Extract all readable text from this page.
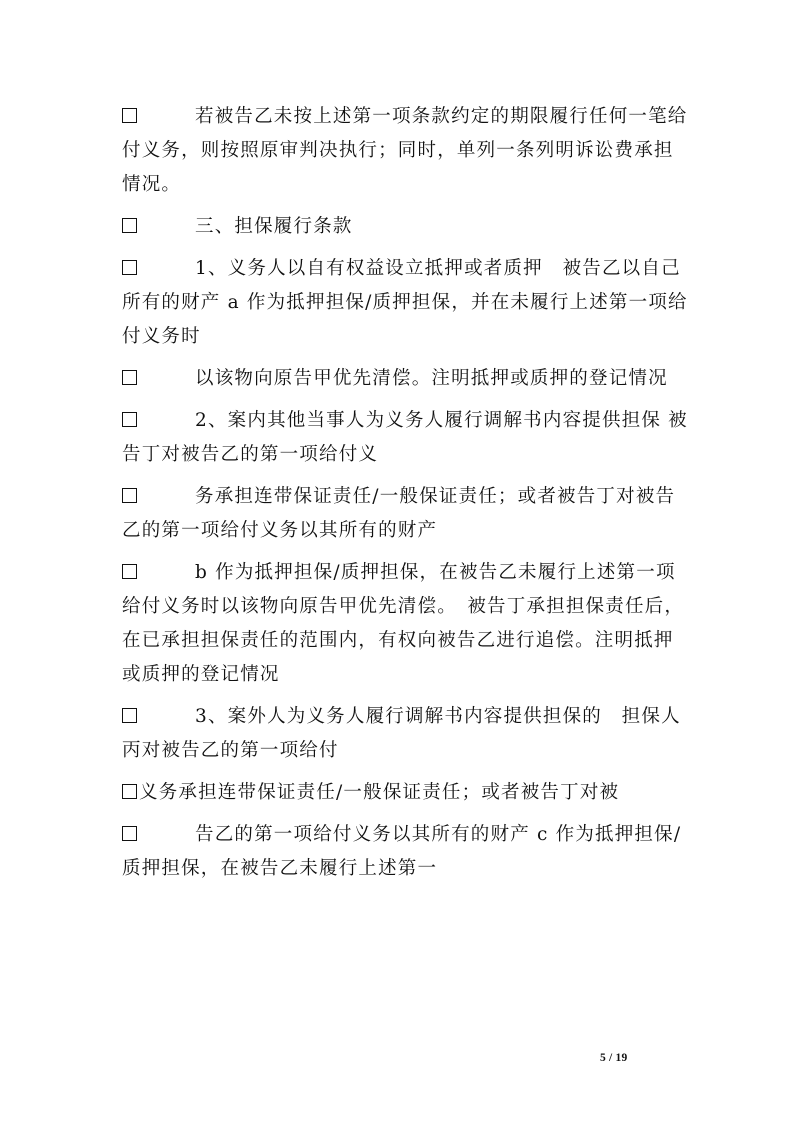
若被告乙未按上述第一项条款约定的期限履行任何一笔给付义务，则按照原审判决执行；同时，单列一条列明诉讼费承担情况。

三、担保履行条款

1、义务人以自有权益设立抵押或者质押　被告乙以自己所有的财产 a 作为抵押担保/质押担保，并在未履行上述第一项给付义务时

以该物向原告甲优先清偿。注明抵押或质押的登记情况

2、案内其他当事人为义务人履行调解书内容提供担保 被告丁对被告乙的第一项给付义

务承担连带保证责任/一般保证责任；或者被告丁对被告乙的第一项给付义务以其所有的财产

b 作为抵押担保/质押担保，在被告乙未履行上述第一项给付义务时以该物向原告甲优先清偿。　被告丁承担担保责任后，在已承担担保责任的范围内，有权向被告乙进行追偿。注明抵押或质押的登记情况

3、案外人为义务人履行调解书内容提供担保的　担保人丙对被告乙的第一项给付

义务承担连带保证责任/一般保证责任；或者被告丁对被

告乙的第一项给付义务以其所有的财产 c 作为抵押担保/质押担保，在被告乙未履行上述第一

5 / 19
